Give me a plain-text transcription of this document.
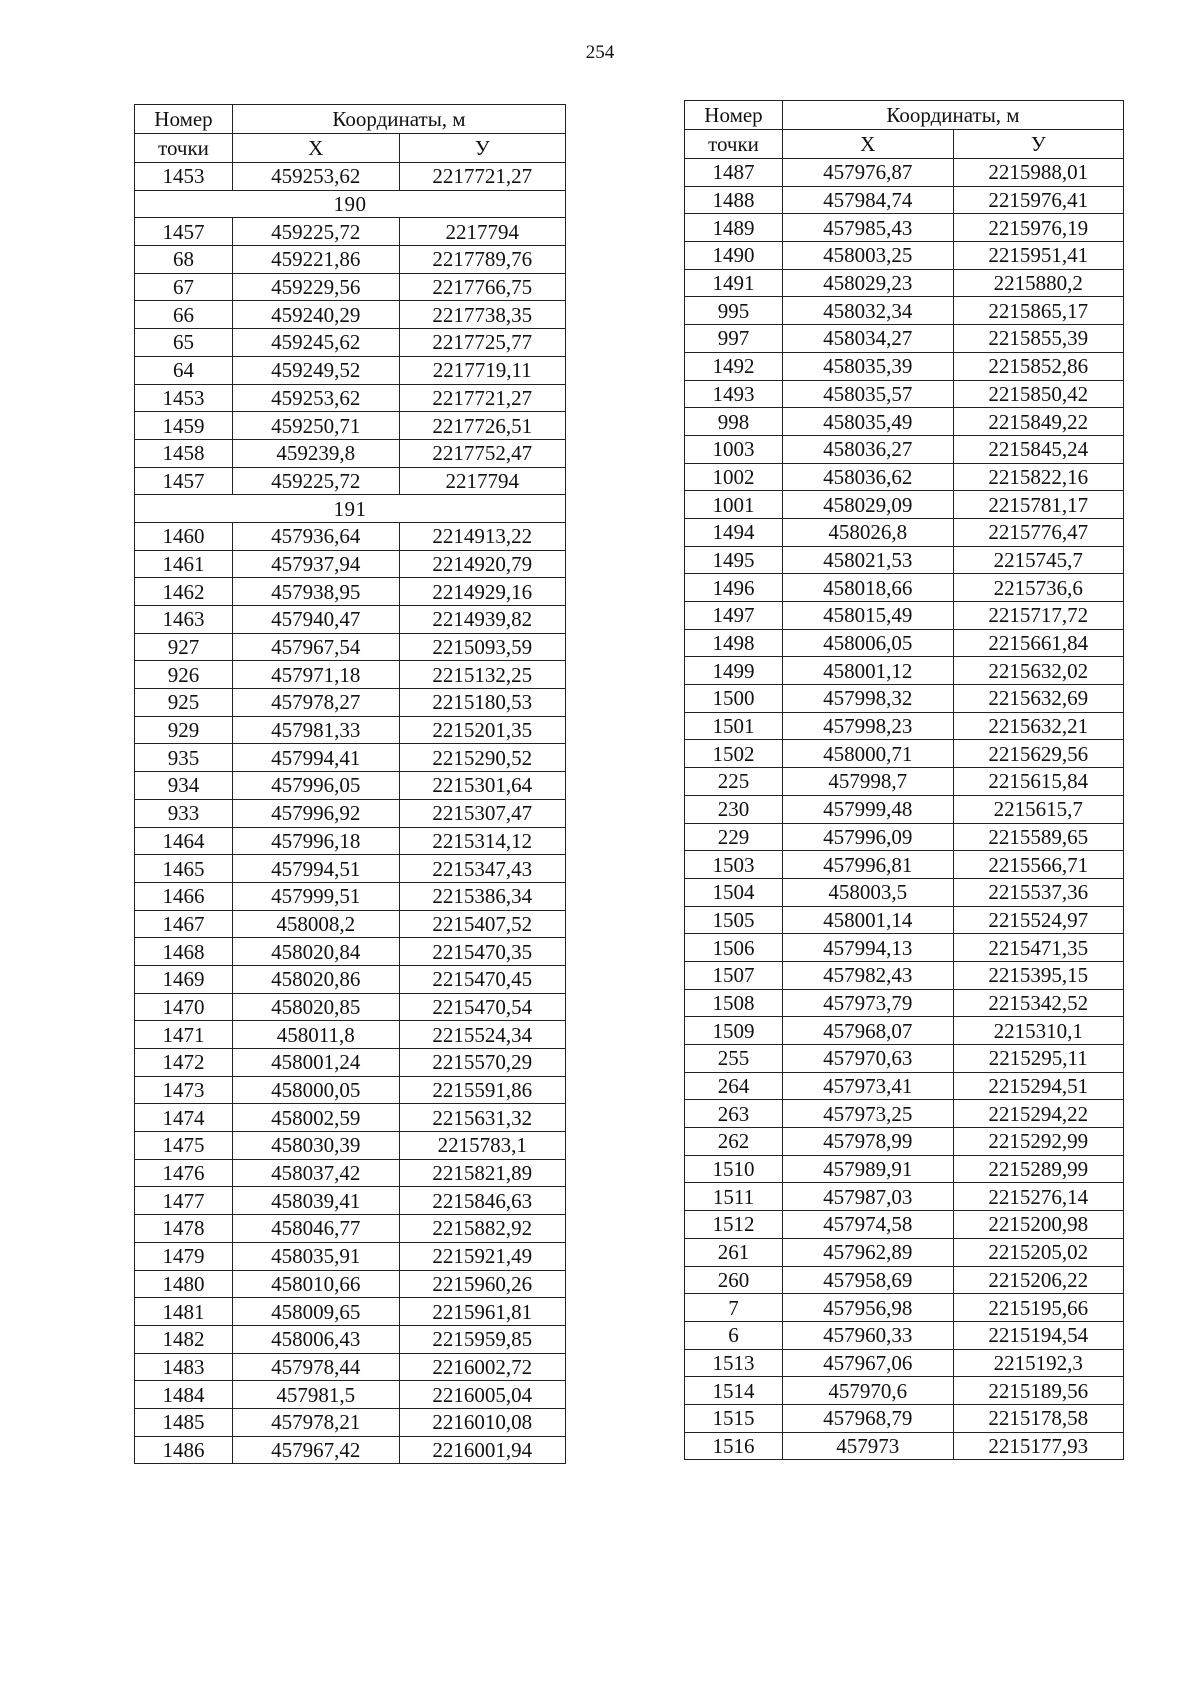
254
Номер	Координаты, м	
точки	Х	У
1453	459253,62	2217721,27
190		
1457	459225,72	2217794
68	459221,86	2217789,76
67	459229,56	2217766,75
66	459240,29	2217738,35
65	459245,62	2217725,77
64	459249,52	2217719,11
1453	459253,62	2217721,27
1459	459250,71	2217726,51
1458	459239,8	2217752,47
1457	459225,72	2217794
191		
1460	457936,64	2214913,22
1461	457937,94	2214920,79
1462	457938,95	2214929,16
1463	457940,47	2214939,82
927	457967,54	2215093,59
926	457971,18	2215132,25
925	457978,27	2215180,53
929	457981,33	2215201,35
935	457994,41	2215290,52
934	457996,05	2215301,64
933	457996,92	2215307,47
1464	457996,18	2215314,12
1465	457994,51	2215347,43
1466	457999,51	2215386,34
1467	458008,2	2215407,52
1468	458020,84	2215470,35
1469	458020,86	2215470,45
1470	458020,85	2215470,54
1471	458011,8	2215524,34
1472	458001,24	2215570,29
1473	458000,05	2215591,86
1474	458002,59	2215631,32
1475	458030,39	2215783,1
1476	458037,42	2215821,89
1477	458039,41	2215846,63
1478	458046,77	2215882,92
1479	458035,91	2215921,49
1480	458010,66	2215960,26
1481	458009,65	2215961,81
1482	458006,43	2215959,85
1483	457978,44	2216002,72
1484	457981,5	2216005,04
1485	457978,21	2216010,08
1486	457967,42	2216001,94
Номер	Координаты, м	
точки	Х	У
1487	457976,87	2215988,01
1488	457984,74	2215976,41
1489	457985,43	2215976,19
1490	458003,25	2215951,41
1491	458029,23	2215880,2
995	458032,34	2215865,17
997	458034,27	2215855,39
1492	458035,39	2215852,86
1493	458035,57	2215850,42
998	458035,49	2215849,22
1003	458036,27	2215845,24
1002	458036,62	2215822,16
1001	458029,09	2215781,17
1494	458026,8	2215776,47
1495	458021,53	2215745,7
1496	458018,66	2215736,6
1497	458015,49	2215717,72
1498	458006,05	2215661,84
1499	458001,12	2215632,02
1500	457998,32	2215632,69
1501	457998,23	2215632,21
1502	458000,71	2215629,56
225	457998,7	2215615,84
230	457999,48	2215615,7
229	457996,09	2215589,65
1503	457996,81	2215566,71
1504	458003,5	2215537,36
1505	458001,14	2215524,97
1506	457994,13	2215471,35
1507	457982,43	2215395,15
1508	457973,79	2215342,52
1509	457968,07	2215310,1
255	457970,63	2215295,11
264	457973,41	2215294,51
263	457973,25	2215294,22
262	457978,99	2215292,99
1510	457989,91	2215289,99
1511	457987,03	2215276,14
1512	457974,58	2215200,98
261	457962,89	2215205,02
260	457958,69	2215206,22
7	457956,98	2215195,66
6	457960,33	2215194,54
1513	457967,06	2215192,3
1514	457970,6	2215189,56
1515	457968,79	2215178,58
1516	457973	2215177,93
